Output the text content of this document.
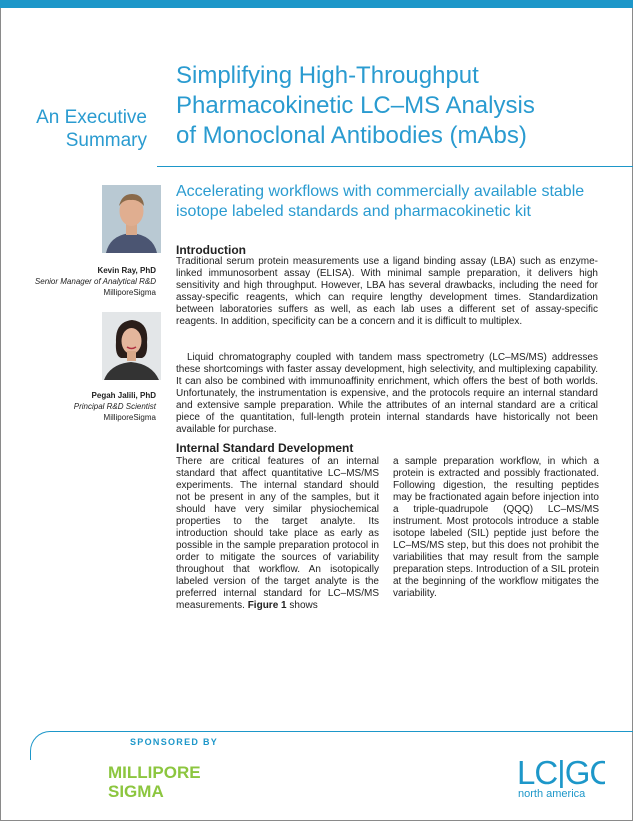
An Executive
Summary
Simplifying High-Throughput
Pharmacokinetic LC–MS Analysis
of Monoclonal Antibodies (mAbs)
Accelerating workflows with commercially available stable
isotope labeled standards and pharmacokinetic kit
Kevin Ray, PhD
Senior Manager of Analytical R&D
MilliporeSigma
Pegah Jalili, PhD
Principal R&D Scientist
MilliporeSigma
Introduction
Traditional serum protein measurements use a ligand binding assay (LBA) such as enzyme-linked immunosorbent assay (ELISA). With minimal sample preparation, it delivers high sensitivity and high throughput. However, LBA has several drawbacks, including the need for assay-specific reagents, which can require lengthy development times. Standardization between laboratories suffers as well, as each lab uses a different set of assay-specific reagents. In addition, specificity can be a concern and it is difficult to multiplex.
Liquid chromatography coupled with tandem mass spectrometry (LC–MS/MS) addresses these shortcomings with faster assay development, high selectivity, and multiplexing capability. It can also be combined with immunoaffinity enrichment, which offers the best of both worlds. Unfortunately, the instrumentation is expensive, and the protocols require an internal standard and extensive sample preparation. While the attributes of an internal standard are a critical piece of the quantitation, full-length protein internal standards have historically not been available for purchase.
Internal Standard Development
There are critical features of an internal standard that affect quantitative LC–MS/MS experiments. The internal standard should not be present in any of the samples, but it should have very similar physiochemical properties to the target analyte. Its introduction should take place as early as possible in the sample preparation protocol in order to mitigate the sources of variability throughout that workflow. An isotopically labeled version of the target analyte is the preferred internal standard for LC–MS/MS measurements. Figure 1 shows
a sample preparation workflow, in which a protein is extracted and possibly fractionated. Following digestion, the resulting peptides may be fractionated again before injection into a triple-quadrupole (QQQ) LC–MS/MS instrument. Most protocols introduce a stable isotope labeled (SIL) peptide just before the LC–MS/MS step, but this does not prohibit the variabilities that may result from the sample preparation steps. Introduction of a SIL protein at the beginning of the workflow mitigates the variability.
SPONSORED BY
MILLIPORE
SIGMA
LC|GC
north america
